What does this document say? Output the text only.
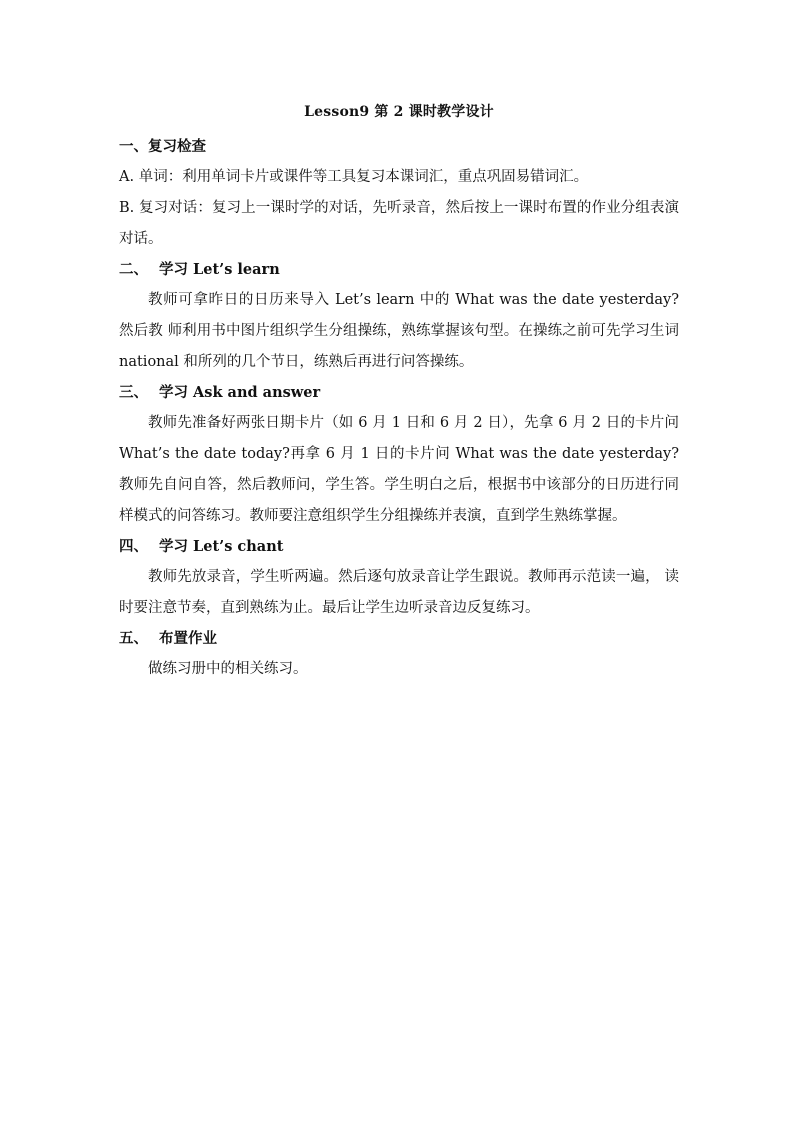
Lesson9 第 2 课时教学设计
一、复习检查

A. 单词：利用单词卡片或课件等工具复习本课词汇，重点巩固易错词汇。

B. 复习对话：复习上一课时学的对话，先听录音，然后按上一课时布置的作业分组表演对话。

二、 学习 Let’s learn

教师可拿昨日的日历来导入 Let’s learn 中的 What was the date yesterday? 然后教 师利用书中图片组织学生分组操练，熟练掌握该句型。在操练之前可先学习生词 national 和所列的几个节日，练熟后再进行问答操练。

三、 学习 Ask and answer

教师先准备好两张日期卡片（如 6 月 1 日和 6 月 2 日），先拿 6 月 2 日的卡片问 What’s the date today?再拿 6 月 1 日的卡片问 What was the date yesterday?教师先自问自答，然后教师问，学生答。学生明白之后，根据书中该部分的日历进行同样模式的问答练习。教师要注意组织学生分组操练并表演，直到学生熟练掌握。

四、 学习 Let’s chant

教师先放录音，学生听两遍。然后逐句放录音让学生跟说。教师再示范读一遍， 读时要注意节奏，直到熟练为止。最后让学生边听录音边反复练习。

五、 布置作业

做练习册中的相关练习。
